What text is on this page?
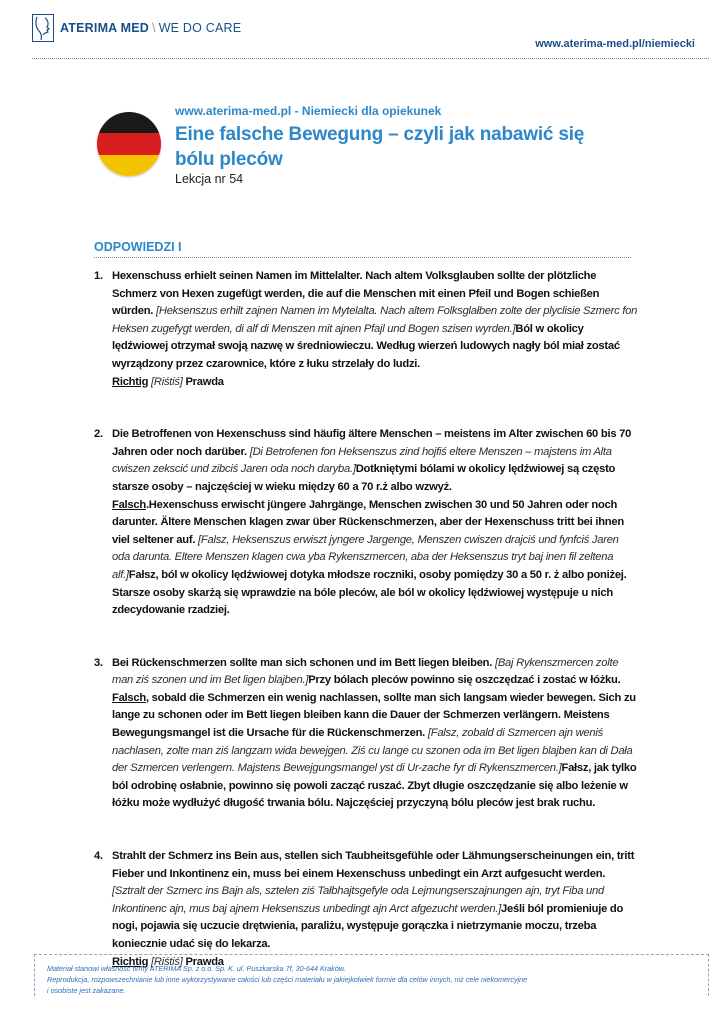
ATERIMA MED \ WE DO CARE
www.aterima-med.pl/niemiecki
www.aterima-med.pl - Niemiecki dla opiekunek
Eine falsche Bewegung – czyli jak nabawić się bólu pleców
Lekcja nr 54
ODPOWIEDZI I
1. Hexenschuss erhielt seinen Namen im Mittelalter. Nach altem Volksglauben sollte der plötzliche Schmerz von Hexen zugefügt werden, die auf die Menschen mit einen Pfeil und Bogen schießen würden. [Heksenszus erhilt zajnen Namen im Mytelalta. Nach altem Folksglałben zolte der plyclisie Szmerc fon Heksen zugefygt werden, di alf di Menszen mit ajnen Pfajl und Bogen szisen wyrden.]Ból w okolicy lędźwiowej otrzymał swoją nazwę w średniowieczu. Według wierzeń ludowych nagły ból miał zostać wyrządzony przez czarownice, które z łuku strzelały do ludzi.

Richtig [Riśtiś] Prawda

2. Die Betroffenen von Hexenschuss sind häufig ältere Menschen – meistens im Alter zwischen 60 bis 70 Jahren oder noch darüber. [Di Betrofenen fon Heksenszus zind hojfiś eltere Menszen – majstens im Alta cwiszen zekscić und zibciś Jaren oda noch daryba.]Dotkniętymi bólami w okolicy lędźwiowej są często starsze osoby – najczęściej w wieku między 60 a 70 r.ż albo wzwyż.

Falsch.Hexenschuss erwischt jüngere Jahrgänge, Menschen zwischen 30 und 50 Jahren oder noch darunter. Ältere Menschen klagen zwar über Rückenschmerzen, aber der Hexenschuss tritt bei ihnen viel seltener auf. [Falsz, Heksenszus erwiszt jyngere Jargenge, Menszen cwiszen drajciś und fynfciś Jaren oda darunta. Eltere Menszen klagen cwa yba Rykenszmercen, aba der Heksenszus tryt baj inen fil zeltena alf.]Fałsz, ból w okolicy lędźwiowej dotyka młodsze roczniki, osoby pomiędzy 30 a 50 r. ż albo poniżej. Starsze osoby skarżą się wprawdzie na bóle pleców, ale ból w okolicy lędźwiowej występuje u nich zdecydowanie rzadziej.

3. Bei Rückenschmerzen sollte man sich schonen und im Bett liegen bleiben. [Baj Rykenszmercen zolte man ziś szonen und im Bet ligen blajben.]Przy bólach pleców powinno się oszczędzać i zostać w łóżku.

Falsch, sobald die Schmerzen ein wenig nachlassen, sollte man sich langsam wieder bewegen. Sich zu lange zu schonen oder im Bett liegen bleiben kann die Dauer der Schmerzen verlängern. Meistens Bewegungsmangel ist die Ursache für die Rückenschmerzen. [Falsz, zobald di Szmercen ajn weniś nachlasen, zolte man ziś langzam wida bewejgen. Ziś cu lange cu szonen oda im Bet ligen blajben kan di Dała der Szmercen verlengern. Majstens Bewejgungsmangel yst di Ur-zache fyr di Rykenszmercen.]Fałsz, jak tylko ból odrobinę osłabnie, powinno się powoli zacząć ruszać. Zbyt długie oszczędzanie się albo leżenie w łóżku może wydłużyć długość trwania bólu. Najczęściej przyczyną bólu pleców jest brak ruchu.

4. Strahlt der Schmerz ins Bein aus, stellen sich Taubheitsgefühle oder Lähmungserscheinungen ein, tritt Fieber und Inkontinenz ein, muss bei einem Hexenschuss unbedingt ein Arzt aufgesucht werden. [Sztralt der Szmerc ins Bajn als, sztelen ziś Tałbhajtsgefyle oda Lejmungserszajnungen ajn, tryt Fiba und Inkontinenc ajn, mus baj ajnem Heksenszus unbedingt ajn Arct afgezucht werden.]Jeśli ból promieniuje do nogi, pojawia się uczucie drętwienia, paraliżu, występuje gorączka i nietrzymanie moczu, trzeba koniecznie udać się do lekarza.

Richtig [Riśtiś] Prawda

Materiał stanowi własność firmy ATERIMA Sp. z o.o. Sp. K. ul. Puszkarska 7f, 30-644 Kraków.

Reprodukcja, rozpowszechnianie lub inne wykorzystywanie całości lub części materiału w jakiejkolwiek formie dla celów innych, niż cele niekomercyjne

i osobiste jest zakazane.
